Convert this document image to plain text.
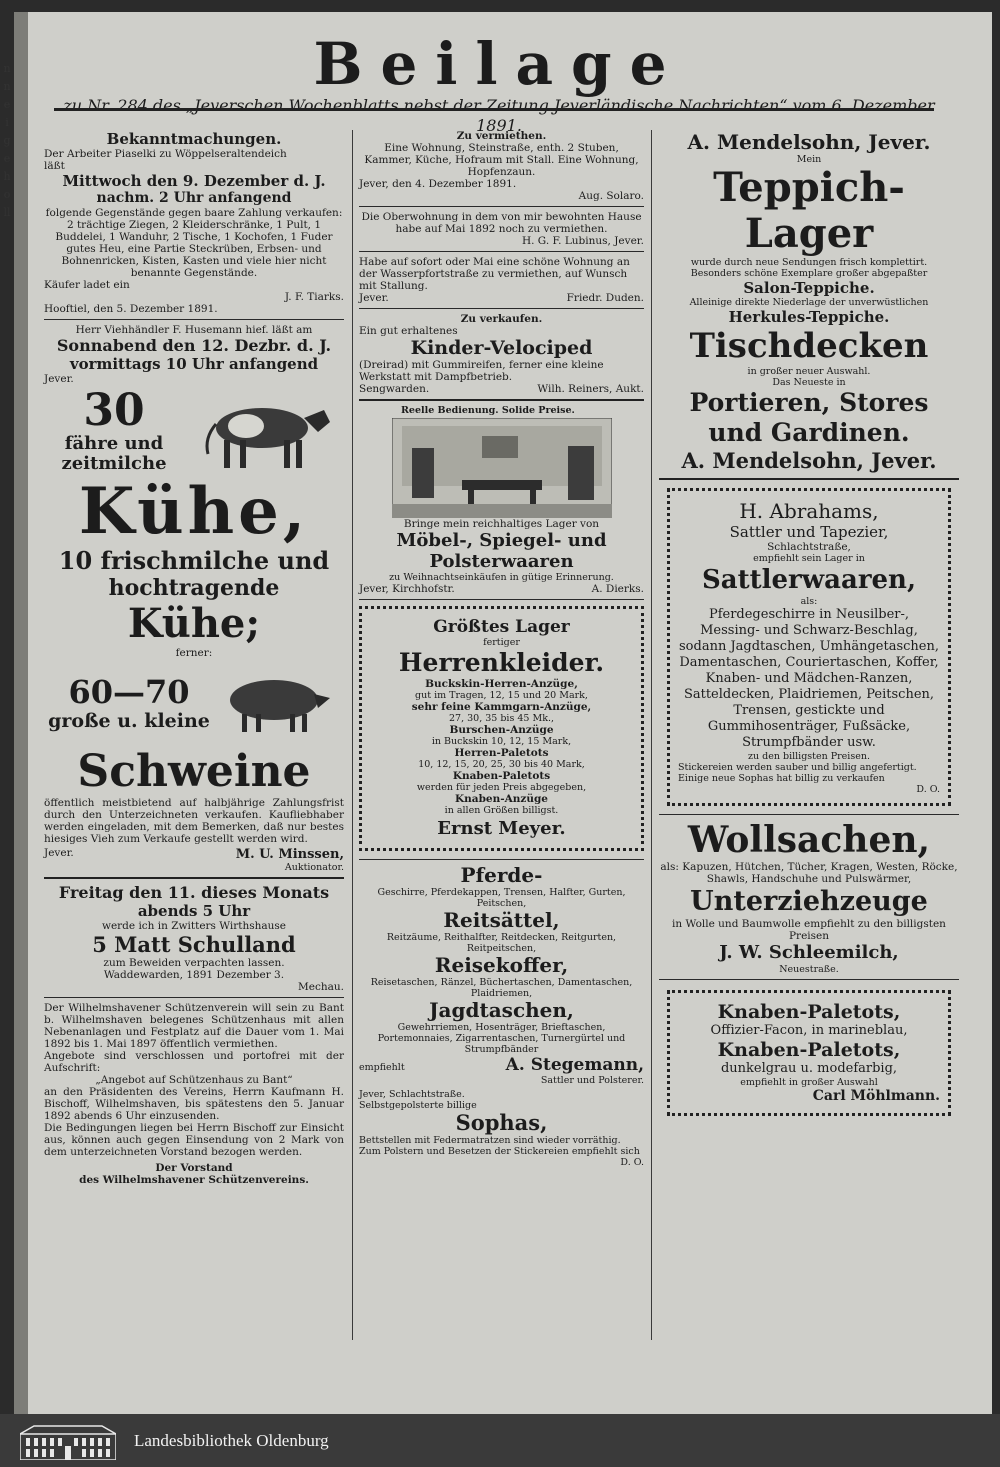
Beilage
zu Nr. 284 des „Jeverschen Wochenblatts nebst der Zeitung Jeverländische Nachrichten“ vom 6. Dezember 1891.
Bekanntmachungen.
Der Arbeiter Piaselki zu Wöppelseraltendeich
läßt
Mittwoch den 9. Dezember d. J.
nachm. 2 Uhr anfangend
folgende Gegenstände gegen baare Zahlung verkaufen: 2 trächtige Ziegen, 2 Kleiderschränke, 1 Pult, 1 Buddelei, 1 Wanduhr, 2 Tische, 1 Kochofen, 1 Fuder gutes Heu, eine Partie Steckrüben, Erbsen- und Bohnenricken, Kisten, Kasten und viele hier nicht benannte Gegenstände.
Käufer ladet ein
J. F. Tiarks.
Hooftiel, den 5. Dezember 1891.
Herr Viehhändler F. Husemann hief. läßt am
Sonnabend den 12. Dezbr. d. J.
vormittags 10 Uhr anfangend
Jever.
30
fähre und
zeitmilche
Kühe,
10 frischmilche und
hochtragende
Kühe;
ferner:
60—70
große u. kleine
Schweine
öffentlich meistbietend auf halbjährige Zahlungsfrist durch den Unterzeichneten verkaufen. Kaufliebhaber werden eingeladen, mit dem Bemerken, daß nur bestes hiesiges Vieh zum Verkaufe gestellt werden wird.
Jever.	M. U. Minssen,
Auktionator.
Freitag den 11. dieses Monats
abends 5 Uhr
werde ich in Zwitters Wirthshause
5 Matt Schulland
zum Beweiden verpachten lassen.
Waddewarden, 1891 Dezember 3.
Mechau.
Der Wilhelmshavener Schützenverein will sein zu Bant b. Wilhelmshaven belegenes Schützenhaus mit allen Nebenanlagen und Festplatz auf die Dauer vom 1. Mai 1892 bis 1. Mai 1897 öffentlich vermiethen.
Angebote sind verschlossen und portofrei mit der Aufschrift:
„Angebot auf Schützenhaus zu Bant“
an den Präsidenten des Vereins, Herrn Kaufmann H. Bischoff, Wilhelmshaven, bis spätestens den 5. Januar 1892 abends 6 Uhr einzusenden.
Die Bedingungen liegen bei Herrn Bischoff zur Einsicht aus, können auch gegen Einsendung von 2 Mark von dem unterzeichneten Vorstand bezogen werden.
Der Vorstand
des Wilhelmshavener Schützenvereins.
Zu vermiethen.
Eine Wohnung, Steinstraße, enth. 2 Stuben, Kammer, Küche, Hofraum mit Stall. Eine Wohnung, Hopfenzaun.
Jever, den 4. Dezember 1891.
Aug. Solaro.
Die Oberwohnung in dem von mir bewohnten Hause habe auf Mai 1892 noch zu vermiethen.
H. G. F. Lubinus, Jever.
Habe auf sofort oder Mai eine schöne Wohnung an der Wasserpfortstraße zu vermiethen, auf Wunsch mit Stallung.
Jever.	Friedr. Duden.
Zu verkaufen.
Ein gut erhaltenes
Kinder-Velociped
(Dreirad) mit Gummireifen, ferner eine kleine Werkstatt mit Dampfbetrieb.
Sengwarden.	Wilh. Reiners, Aukt.
Reelle Bedienung. Solide Preise.
Bringe mein reichhaltiges Lager von
Möbel-, Spiegel- und
Polsterwaaren
zu Weihnachtseinkäufen in gütige Erinnerung.
Jever, Kirchhofstr.	A. Dierks.
Größtes Lager
fertiger
Herrenkleider.
Buckskin-Herren-Anzüge,
gut im Tragen, 12, 15 und 20 Mark,
sehr feine Kammgarn-Anzüge,
27, 30, 35 bis 45 Mk.,
Burschen-Anzüge
in Buckskin 10, 12, 15 Mark,
Herren-Paletots
10, 12, 15, 20, 25, 30 bis 40 Mark,
Knaben-Paletots
werden für jeden Preis abgegeben,
Knaben-Anzüge
in allen Größen billigst.
Ernst Meyer.
Pferde-
Geschirre, Pferdekappen, Trensen, Halfter, Gurten, Peitschen,
Reitsättel,
Reitzäume, Reithalfter, Reitdecken, Reitgurten, Reitpeitschen,
Reisekoffer,
Reisetaschen, Ränzel, Büchertaschen, Damentaschen, Plaidriemen,
Jagdtaschen,
Gewehrriemen, Hosenträger, Brieftaschen, Portemonnaies, Zigarrentaschen, Turnergürtel und Strumpfbänder
empfiehlt	A. Stegemann,
Sattler und Polsterer.
Jever, Schlachtstraße.
Selbstgepolsterte billige
Sophas,
Bettstellen mit Federmatratzen sind wieder vorräthig. Zum Polstern und Besetzen der Stickereien empfiehlt sich
D. O.
A. Mendelsohn, Jever.
Mein
Teppich-Lager
wurde durch neue Sendungen frisch komplettirt.
Besonders schöne Exemplare großer abgepaßter
Salon-Teppiche.
Alleinige direkte Niederlage der unverwüstlichen
Herkules-Teppiche.
Tischdecken
in großer neuer Auswahl.
Das Neueste in
Portieren, Stores
und Gardinen.
A. Mendelsohn, Jever.
H. Abrahams,
Sattler und Tapezier,
Schlachtstraße,
empfiehlt sein Lager in
Sattlerwaaren,
als:
Pferdegeschirre in Neusilber-, Messing- und Schwarz-Beschlag, sodann Jagdtaschen, Umhängetaschen, Damentaschen, Couriertaschen, Koffer, Knaben- und Mädchen-Ranzen, Satteldecken, Plaidriemen, Peitschen, Trensen, gestickte und Gummihosenträger, Fußsäcke, Strumpfbänder usw.
zu den billigsten Preisen.
Stickereien werden sauber und billig angefertigt.
Einige neue Sophas hat billig zu verkaufen
D. O.
Wollsachen,
als: Kapuzen, Hütchen, Tücher, Kragen, Westen, Röcke, Shawls, Handschuhe und Pulswärmer,
Unterziehzeuge
in Wolle und Baumwolle empfiehlt zu den billigsten Preisen
J. W. Schleemilch,
Neuestraße.
Knaben-Paletots,
Offizier-Facon, in marineblau,
Knaben-Paletots,
dunkelgrau u. modefarbig,
empfiehlt in großer Auswahl
Carl Möhlmann.
n
n
e
i
g
e
h
o
ll
Landesbibliothek Oldenburg
